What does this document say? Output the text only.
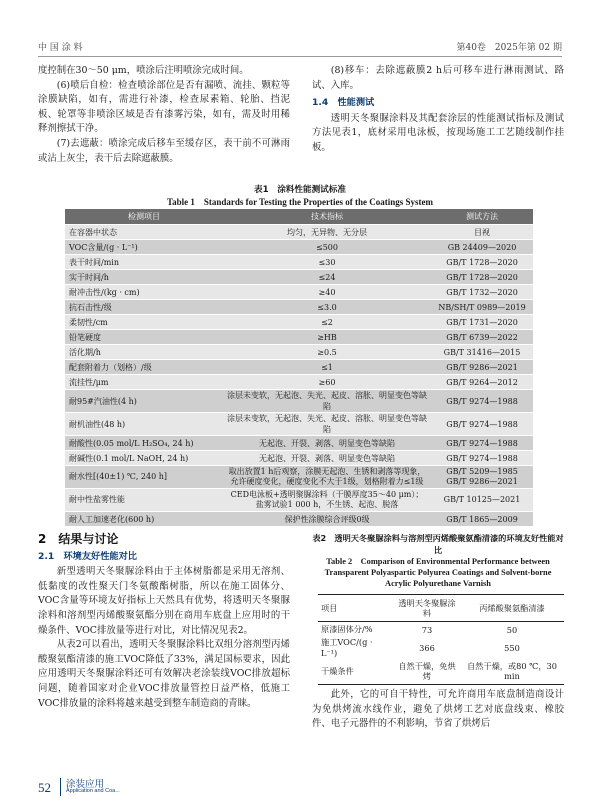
中 国 涂 料	第40卷　2025年第 02 期

度控制在30～50 μm，喷涂后注明喷涂完成时间。

(6)喷后自检：检查喷涂部位是否有漏喷、流挂、颗粒等涂膜缺陷，如有，需进行补漆，检查尿素箱、轮胎、挡泥板、轮罩等非喷涂区域是否有漆雾污染，如有，需及时用稀释剂擦拭干净。

(7)去遮蔽：喷涂完成后移车至缓存区，表干前不可淋雨或沾上灰尘，表干后去除遮蔽膜。

(8)移车：去除遮蔽膜2 h后可移车进行淋雨测试、路试、入库。

1.4　性能测试

透明天冬聚脲涂料及其配套涂层的性能测试指标及测试方法见表1，底材采用电泳板，按现场施工工艺随线制作挂板。

表1　涂料性能测试标准
Table 1　Standards for Testing the Properties of the Coatings System
检测项目	技术指标	测试方法
在容器中状态	均匀，无异物、无分层	目视
VOC含量/(g · L⁻¹)	≤500	GB 24409—2020
表干时间/min	≤30	GB/T 1728—2020
实干时间/h	≤24	GB/T 1728—2020
耐冲击性/(kg · cm)	≥40	GB/T 1732—2020
抗石击性/级	≤3.0	NB/SH/T 0989—2019
柔韧性/cm	≤2	GB/T 1731—2020
铅笔硬度	≥HB	GB/T 6739—2022
活化期/h	≥0.5	GB/T 31416—2015
配套附着力（划格）/级	≤1	GB/T 9286—2021
流挂性/μm	≥60	GB/T 9264—2012
耐95#汽油性(4 h)	涂层未变软，无起泡、失光、起皮、溶胀、明显变色等缺陷	GB/T 9274—1988
耐机油性(48 h)	涂层未变软，无起泡、失光、起皮、溶胀、明显变色等缺陷	GB/T 9274—1988
耐酸性(0.05 mol/L H₂SO₄, 24 h)	无起泡、开裂、剥落、明显变色等缺陷	GB/T 9274—1988
耐碱性(0.1 mol/L NaOH, 24 h)	无起泡、开裂、剥落、明显变色等缺陷	GB/T 9274—1988
耐水性[(40±1) ℃, 240 h]	取出放置1 h后观察，涂膜无起泡、生锈和剥落等现象，允许硬度变化，硬度变化不大于1级，划格附着力≤1级	GB/T 5209—1985
GB/T 9286—2021
耐中性盐雾性能	CED电泳板+透明聚脲涂料（干膜厚度35～40 μm）；盐雾试验1 000 h，不生锈、起泡、脱落	GB/T 10125—2021
耐人工加速老化(600 h)	保护性涂膜综合评级0级	GB/T 1865—2009
2　结果与讨论
2.1　环境友好性能对比

新型透明天冬聚脲涂料由于主体树脂都是采用无溶剂、低黏度的改性聚天门冬氨酸酯树脂，所以在施工固体分、VOC含量等环境友好指标上天然具有优势，将透明天冬聚脲涂料和溶剂型丙烯酸聚氨酯分别在商用车底盘上应用时的干燥条件、VOC排放量等进行对比，对比情况见表2。

从表2可以看出，透明天冬聚脲涂料比双组分溶剂型丙烯酸聚氨酯清漆的施工VOC降低了33%，满足国标要求，因此应用透明天冬聚脲涂料还可有效解决老涂装线VOC排放超标问题，随着国家对企业VOC排放量管控日益严格，低施工VOC排放量的涂料将越来越受到整车制造商的青睐。

表2　透明天冬聚脲涂料与溶剂型丙烯酸聚氨酯清漆的环境友好性能对比
Table 2　Comparison of Environmental Performance between Transparent Polyaspartic Polyurea Coatings and Solvent-borne Acrylic Polyurethane Varnish
项目	透明天冬聚脲涂料	丙烯酸聚氨酯清漆
原漆固体分/%	73	50
施工VOC/(g · L⁻¹)	366	550
干燥条件	自然干燥，免烘烤	自然干燥，或80 ℃，30 min

此外，它的可自干特性，可允许商用车底盘制造商设计为免烘烤流水线作业，避免了烘烤工艺对底盘线束、橡胶件、电子元器件的不利影响，节省了烘烤后

52 涂装应用
Application and Coa...
